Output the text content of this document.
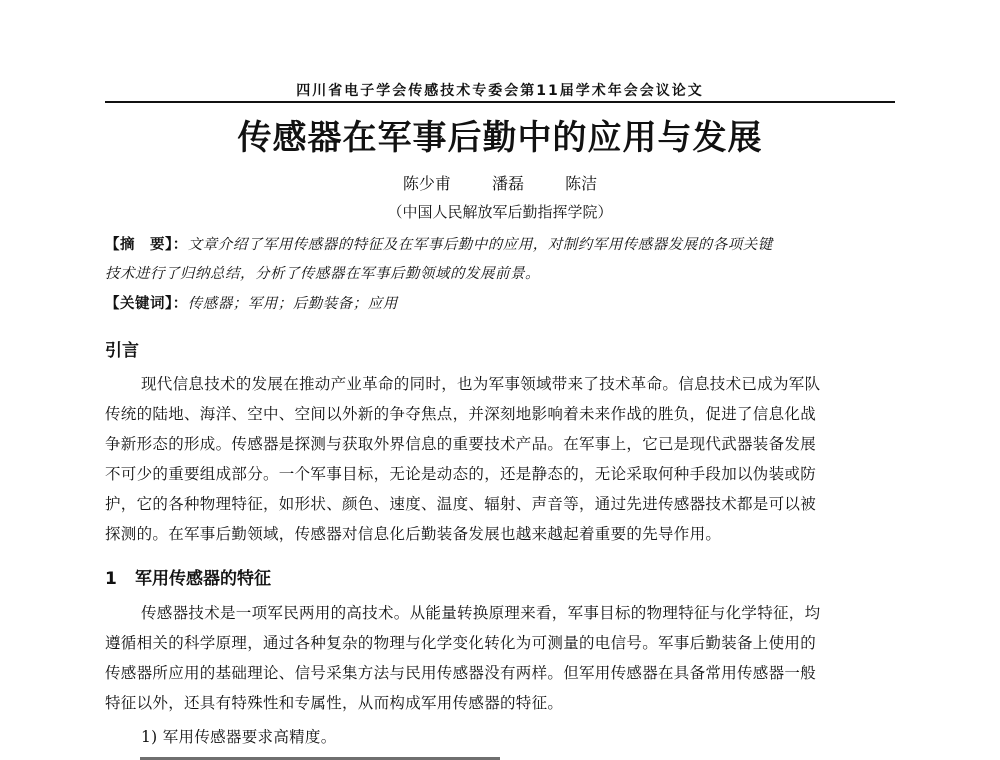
四川省电子学会传感技术专委会第11届学术年会会议论文
传感器在军事后勤中的应用与发展
陈少甫	潘磊	陈洁
（中国人民解放军后勤指挥学院）
【摘　要】：文章介绍了军用传感器的特征及在军事后勤中的应用，对制约军用传感器发展的各项关键
技术进行了归纳总结，分析了传感器在军事后勤领域的发展前景。
【关键词】：传感器；军用；后勤装备；应用
引言
现代信息技术的发展在推动产业革命的同时，也为军事领域带来了技术革命。信息技术已成为军队
传统的陆地、海洋、空中、空间以外新的争夺焦点，并深刻地影响着未来作战的胜负，促进了信息化战
争新形态的形成。传感器是探测与获取外界信息的重要技术产品。在军事上，它已是现代武器装备发展
不可少的重要组成部分。一个军事目标，无论是动态的，还是静态的，无论采取何种手段加以伪装或防
护，它的各种物理特征，如形状、颜色、速度、温度、辐射、声音等，通过先进传感器技术都是可以被
探测的。在军事后勤领域，传感器对信息化后勤装备发展也越来越起着重要的先导作用。
1 军用传感器的特征
传感器技术是一项军民两用的高技术。从能量转换原理来看，军事目标的物理特征与化学特征，均
遵循相关的科学原理，通过各种复杂的物理与化学变化转化为可测量的电信号。军事后勤装备上使用的
传感器所应用的基础理论、信号采集方法与民用传感器没有两样。但军用传感器在具备常用传感器一般
特征以外，还具有特殊性和专属性，从而构成军用传感器的特征。
1) 军用传感器要求高精度。
